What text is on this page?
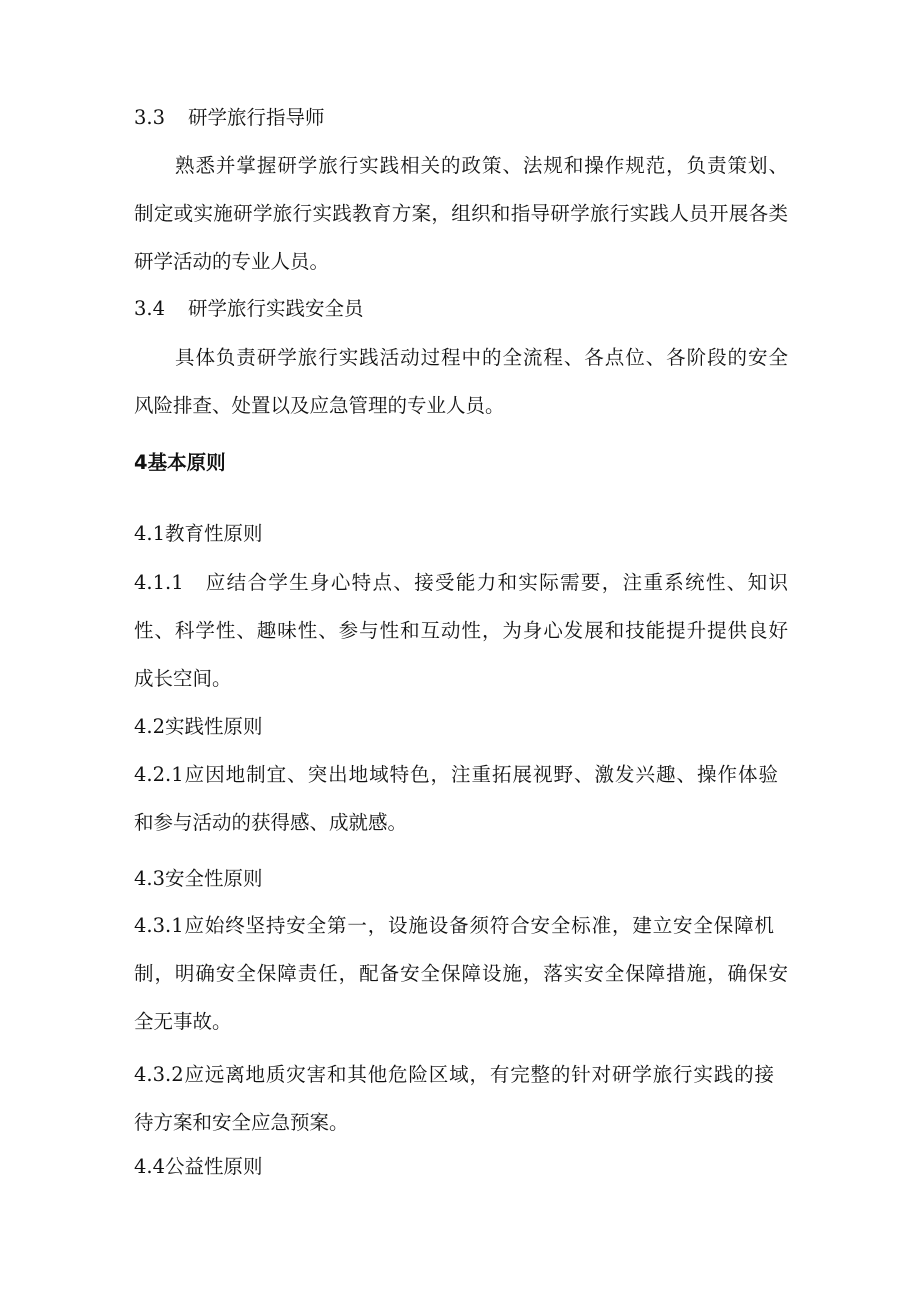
3.3 研学旅行指导师
熟悉并掌握研学旅行实践相关的政策、法规和操作规范，负责策划、
制定或实施研学旅行实践教育方案，组织和指导研学旅行实践人员开展各类
研学活动的专业人员。
3.4 研学旅行实践安全员
具体负责研学旅行实践活动过程中的全流程、各点位、各阶段的安全
风险排查、处置以及应急管理的专业人员。
4基本原则
4.1教育性原则
4.1.1　应结合学生身心特点、接受能力和实际需要，注重系统性、知识
性、科学性、趣味性、参与性和互动性，为身心发展和技能提升提供良好
成长空间。
4.2实践性原则
4.2.1应因地制宜、突出地域特色，注重拓展视野、激发兴趣、操作体验
和参与活动的获得感、成就感。
4.3安全性原则
4.3.1应始终坚持安全第一，设施设备须符合安全标准，建立安全保障机
制，明确安全保障责任，配备安全保障设施，落实安全保障措施，确保安
全无事故。
4.3.2应远离地质灾害和其他危险区域，有完整的针对研学旅行实践的接
待方案和安全应急预案。
4.4公益性原则
